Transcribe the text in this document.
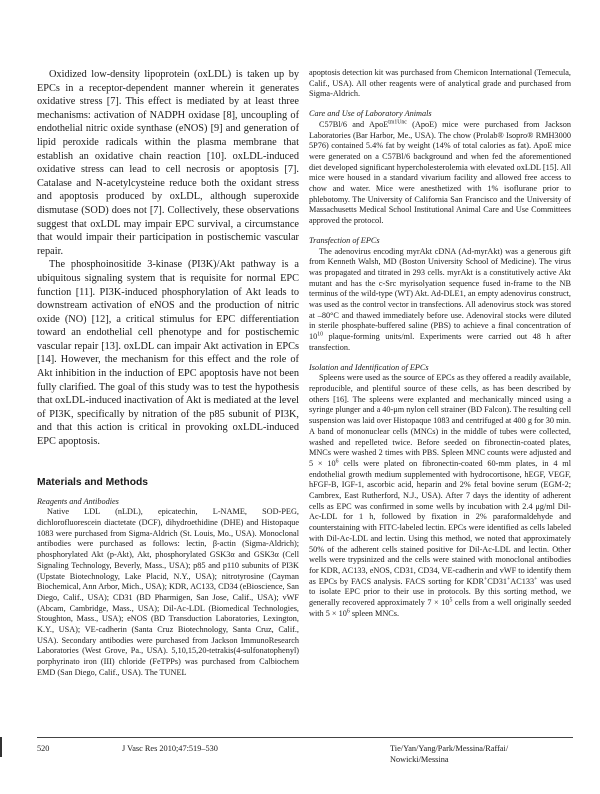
Oxidized low-density lipoprotein (oxLDL) is taken up by EPCs in a receptor-dependent manner wherein it generates oxidative stress [7]. This effect is mediated by at least three mechanisms: activation of NADPH oxidase [8], uncoupling of endothelial nitric oxide synthase (eNOS) [9] and generation of lipid peroxide radicals within the plasma membrane that establish an oxidative chain reaction [10]. oxLDL-induced oxidative stress can lead to cell necrosis or apoptosis [7]. Catalase and N-acetylcysteine reduce both the oxidant stress and apoptosis produced by oxLDL, although superoxide dismutase (SOD) does not [7]. Collectively, these observations suggest that oxLDL may impair EPC survival, a circumstance that would impair their participation in postischemic vascular repair.

The phosphoinositide 3-kinase (PI3K)/Akt pathway is a ubiquitous signaling system that is requisite for normal EPC function [11]. PI3K-induced phosphorylation of Akt leads to downstream activation of eNOS and the production of nitric oxide (NO) [12], a critical stimulus for EPC differentiation toward an endothelial cell phenotype and for postischemic vascular repair [13]. oxLDL can impair Akt activation in EPCs [14]. However, the mechanism for this effect and the role of Akt inhibition in the induction of EPC apoptosis have not been fully clarified. The goal of this study was to test the hypothesis that oxLDL-induced inactivation of Akt is mediated at the level of PI3K, specifically by nitration of the p85 subunit of PI3K, and that this action is critical in provoking oxLDL-induced EPC apoptosis.

Materials and Methods

Reagents and Antibodies

Native LDL (nLDL), epicatechin, L-NAME, SOD-PEG, dichlorofluorescein diactetate (DCF), dihydroethidine (DHE) and Histopaque 1083 were purchased from Sigma-Aldrich (St. Louis, Mo., USA). Monoclonal antibodies were purchased as follows: lectin, β-actin (Sigma-Aldrich); phosphorylated Akt (p-Akt), Akt, phosphorylated GSK3α and GSK3α (Cell Signaling Technology, Beverly, Mass., USA); p85 and p110 subunits of PI3K (Upstate Biotechnology, Lake Placid, N.Y., USA); nitrotyrosine (Cayman Biochemical, Ann Arbor, Mich., USA); KDR, AC133, CD34 (eBioscience, San Diego, Calif., USA); CD31 (BD Pharmigen, San Jose, Calif., USA); vWF (Abcam, Cambridge, Mass., USA); Dil-Ac-LDL (Biomedical Technologies, Stoughton, Mass., USA); eNOS (BD Transduction Laboratories, Lexington, K.Y., USA); VE-cadherin (Santa Cruz Biotechnology, Santa Cruz, Calif., USA). Secondary antibodies were purchased from Jackson ImmunoResearch Laboratories (West Grove, Pa., USA). 5,10,15,20-tetrakis(4-sulfonatophenyl) porphyrinato iron (III) chloride (FeTPPs) was purchased from Calbiochem EMD (San Diego, Calif., USA). The TUNEL

apoptosis detection kit was purchased from Chemicon International (Temecula, Calif., USA). All other reagents were of analytical grade and purchased from Sigma-Aldrich.

Care and Use of Laboratory Animals

C57Bl/6 and ApoE$^{tm1Unc}$ (ApoE) mice were purchased from Jackson Laboratories (Bar Harbor, Me., USA). The chow (Prolab® Isopro® RMH3000 5P76) contained 5.4% fat by weight (14% of total calories as fat). ApoE mice were generated on a C57Bl/6 background and when fed the aforementioned diet developed significant hypercholesterolemia with elevated oxLDL [15]. All mice were housed in a standard vivarium facility and allowed free access to chow and water. Mice were anesthetized with 1% isoflurane prior to phlebotomy. The University of California San Francisco and the University of Massachusetts Medical School Institutional Animal Care and Use Committees approved the protocol.

Transfection of EPCs

The adenovirus encoding myrAkt cDNA (Ad-myrAkt) was a generous gift from Kenneth Walsh, MD (Boston University School of Medicine). The virus was propagated and titrated in 293 cells. myrAkt is a constitutively active Akt mutant and has the c-Src myrisolyation sequence fused in-frame to the NB terminus of the wild-type (WT) Akt. Ad-DLE1, an empty adenovirus construct, was used as the control vector in transfections. All adenovirus stock was stored at –80°C and thawed immediately before use. Adenoviral stocks were diluted in sterile phosphate-buffered saline (PBS) to achieve a final concentration of $10^{10}$ plaque-forming units/ml. Experiments were carried out 48 h after transfection.

Isolation and Identification of EPCs

Spleens were used as the source of EPCs as they offered a readily available, reproducible, and plentiful source of these cells, as has been described by others [16]. The spleens were explanted and mechanically minced using a syringe plunger and a 40-μm nylon cell strainer (BD Falcon). The resulting cell suspension was laid over Histopaque 1083 and centrifuged at 400 g for 30 min. A band of mononuclear cells (MNCs) in the middle of tubes were collected, washed and repelleted twice. Before seeded on fibronectin-coated plates, MNCs were washed 2 times with PBS. Spleen MNC counts were adjusted and $5 \times 10^6$ cells were plated on fibronectin-coated 60-mm plates, in 4 ml endothelial growth medium supplemented with hydrocortisone, hEGF, VEGF, hFGF-B, IGF-1, ascorbic acid, heparin and 2% fetal bovine serum (EGM-2; Cambrex, East Rutherford, N.J., USA). After 7 days the identity of adherent cells as EPC was confirmed in some wells by incubation with 2.4 μg/ml Dil-Ac-LDL for 1 h, followed by fixation in 2% paraformaldehyde and counterstaining with FITC-labeled lectin. EPCs were identified as cells labeled with Dil-Ac-LDL and lectin. Using this method, we noted that approximately 50% of the adherent cells stained positive for Dil-Ac-LDL and lectin. Other wells were trypsinized and the cells were stained with monoclonal antibodies for KDR, AC133, eNOS, CD31, CD34, VE-cadherin and vWF to identify them as EPCs by FACS analysis. FACS sorting for KDR+CD31+AC133+ was used to isolate EPC prior to their use in protocols. By this sorting method, we generally recovered approximately $7 \times 10^5$ cells from a well originally seeded with $5 \times 10^6$ spleen MNCs.

520	J Vasc Res 2010;47:519–530	Tie/Yan/Yang/Park/Messina/Raffai/
Nowicki/Messina
